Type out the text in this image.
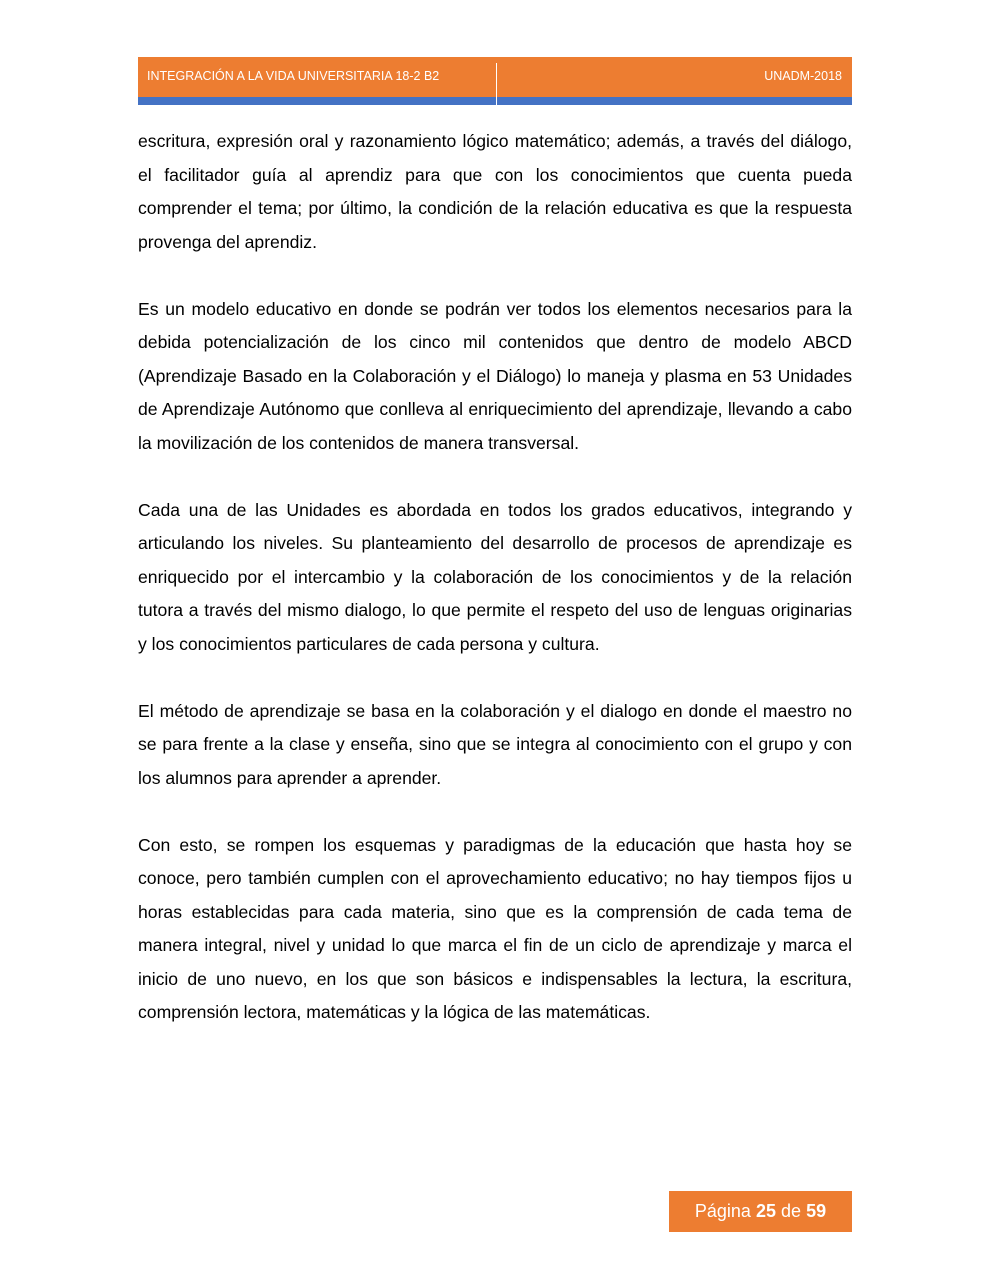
INTEGRACIÓN A LA VIDA UNIVERSITARIA 18-2 B2	UNADM-2018

escritura, expresión oral y razonamiento lógico matemático; además, a través del diálogo, el facilitador guía al aprendiz para que con los conocimientos que cuenta pueda comprender el tema; por último, la condición de la relación educativa es que la respuesta provenga del aprendiz.

Es un modelo educativo en donde se podrán ver todos los elementos necesarios para la debida potencialización de los cinco mil contenidos que dentro de modelo ABCD (Aprendizaje Basado en la Colaboración y el Diálogo) lo maneja y plasma en 53 Unidades de Aprendizaje Autónomo que conlleva al enriquecimiento del aprendizaje, llevando a cabo la movilización de los contenidos de manera transversal.

Cada una de las Unidades es abordada en todos los grados educativos, integrando y articulando los niveles. Su planteamiento del desarrollo de procesos de aprendizaje es enriquecido por el intercambio y la colaboración de los conocimientos y de la relación tutora a través del mismo dialogo, lo que permite el respeto del uso de lenguas originarias y los conocimientos particulares de cada persona y cultura.

El método de aprendizaje se basa en la colaboración y el dialogo en donde el maestro no se para frente a la clase y enseña, sino que se integra al conocimiento con el grupo y con los alumnos para aprender a aprender.

Con esto, se rompen los esquemas y paradigmas de la educación que hasta hoy se conoce, pero también cumplen con el aprovechamiento educativo; no hay tiempos fijos u horas establecidas para cada materia, sino que es la comprensión de cada tema de manera integral, nivel y unidad lo que marca el fin de un ciclo de aprendizaje y marca el inicio de uno nuevo, en los que son básicos e indispensables la lectura, la escritura, comprensión lectora, matemáticas y la lógica de las matemáticas.

Página 25 de 59
